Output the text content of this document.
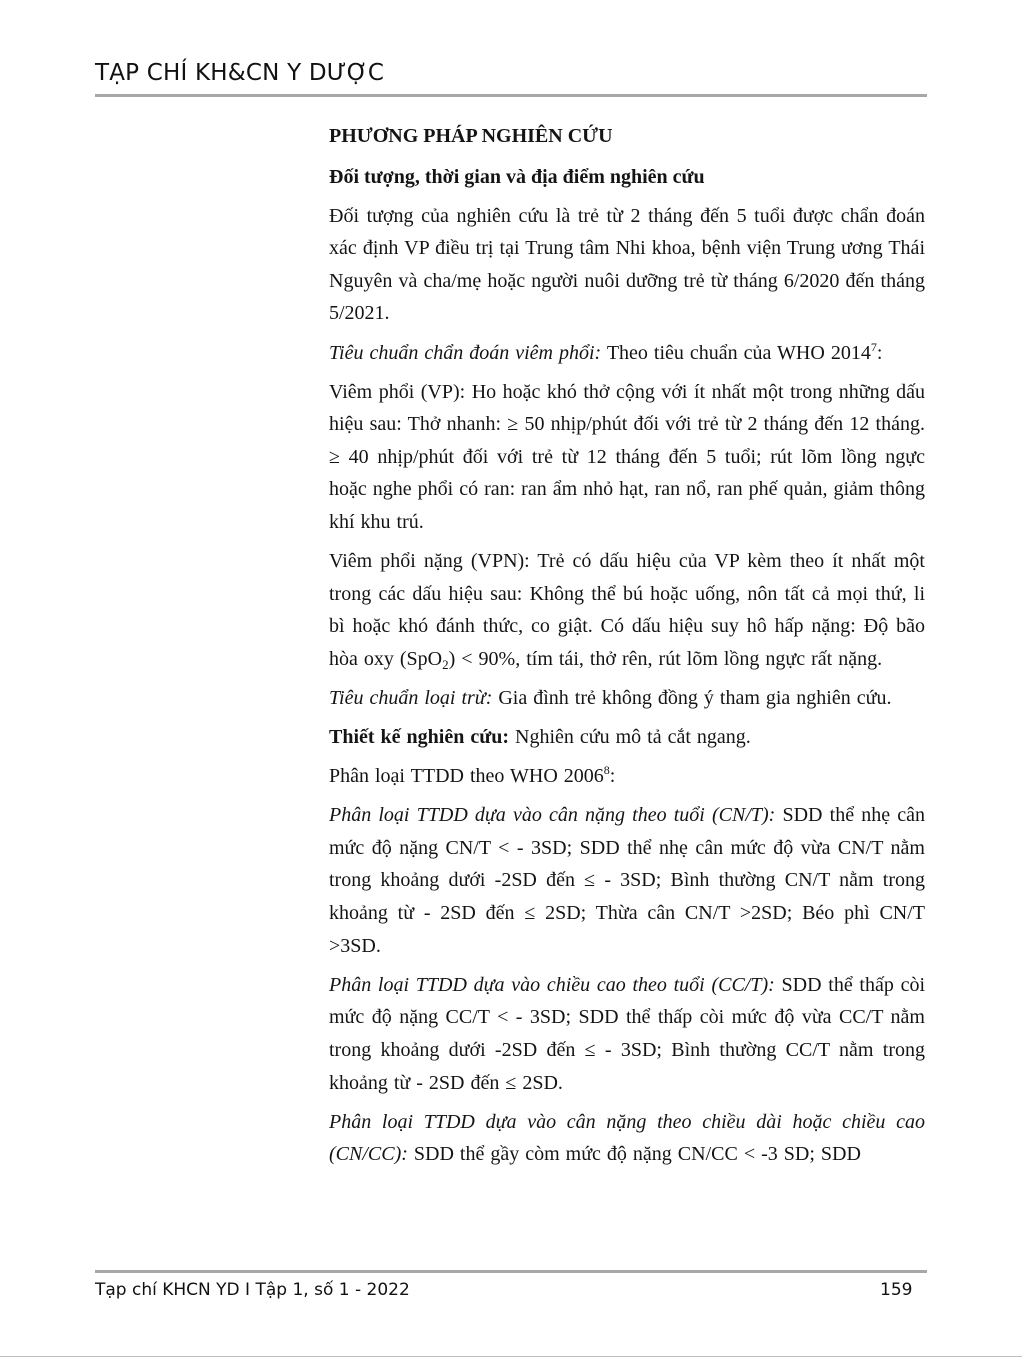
TẠP CHÍ KH&CN Y DƯỢC
PHƯƠNG PHÁP NGHIÊN CỨU
Đối tượng, thời gian và địa điểm nghiên cứu

Đối tượng của nghiên cứu là trẻ từ 2 tháng đến 5 tuổi được chẩn đoán xác định VP điều trị tại Trung tâm Nhi khoa, bệnh viện Trung ương Thái Nguyên và cha/mẹ hoặc người nuôi dưỡng trẻ từ tháng 6/2020 đến tháng 5/2021.

Tiêu chuẩn chẩn đoán viêm phổi: Theo tiêu chuẩn của WHO 2014$^7$:

Viêm phổi (VP): Ho hoặc khó thở cộng với ít nhất một trong những dấu hiệu sau: Thở nhanh: ≥ 50 nhịp/phút đối với trẻ từ 2 tháng đến 12 tháng. ≥ 40 nhịp/phút đối với trẻ từ 12 tháng đến 5 tuổi; rút lõm lồng ngực hoặc nghe phổi có ran: ran ẩm nhỏ hạt, ran nổ, ran phế quản, giảm thông khí khu trú.

Viêm phổi nặng (VPN): Trẻ có dấu hiệu của VP kèm theo ít nhất một trong các dấu hiệu sau: Không thể bú hoặc uống, nôn tất cả mọi thứ, li bì hoặc khó đánh thức, co giật. Có dấu hiệu suy hô hấp nặng: Độ bão hòa oxy (SpO$_2$) < 90%, tím tái, thở rên, rút lõm lồng ngực rất nặng.

Tiêu chuẩn loại trừ: Gia đình trẻ không đồng ý tham gia nghiên cứu.

Thiết kế nghiên cứu: Nghiên cứu mô tả cắt ngang.

Phân loại TTDD theo WHO 2006$^8$:

Phân loại TTDD dựa vào cân nặng theo tuổi (CN/T): SDD thể nhẹ cân mức độ nặng CN/T < - 3SD; SDD thể nhẹ cân mức độ vừa CN/T nằm trong khoảng dưới -2SD đến ≤ - 3SD; Bình thường CN/T nằm trong khoảng từ - 2SD đến ≤ 2SD; Thừa cân CN/T >2SD; Béo phì CN/T >3SD.

Phân loại TTDD dựa vào chiều cao theo tuổi (CC/T): SDD thể thấp còi mức độ nặng CC/T < - 3SD; SDD thể thấp còi mức độ vừa CC/T nằm trong khoảng dưới -2SD đến ≤ - 3SD; Bình thường CC/T nằm trong khoảng từ - 2SD đến ≤ 2SD.

Phân loại TTDD dựa vào cân nặng theo chiều dài hoặc chiều cao (CN/CC): SDD thể gầy còm mức độ nặng CN/CC < -3 SD; SDD

Tạp chí KHCN YD I Tập 1, số 1 - 2022	159
